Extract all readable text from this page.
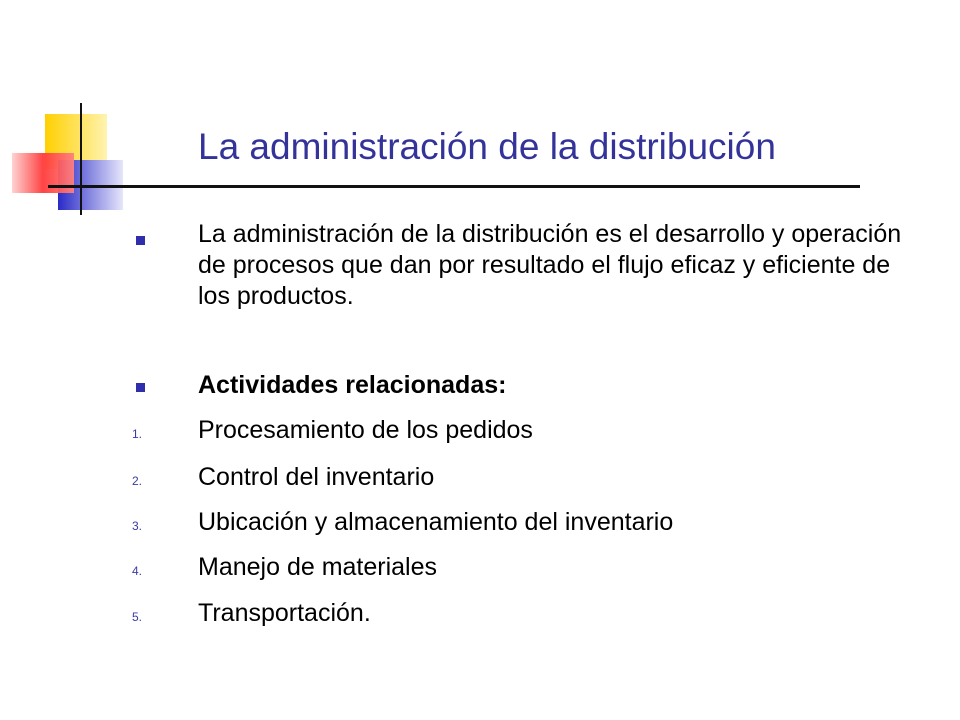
La administración de la distribución
La administración de la distribución es el desarrollo y operación de procesos que dan por resultado el flujo eficaz y eficiente de los productos.
Actividades relacionadas:
1. Procesamiento de los pedidos
2. Control del inventario
3. Ubicación y almacenamiento del inventario
4. Manejo de materiales
5. Transportación.
